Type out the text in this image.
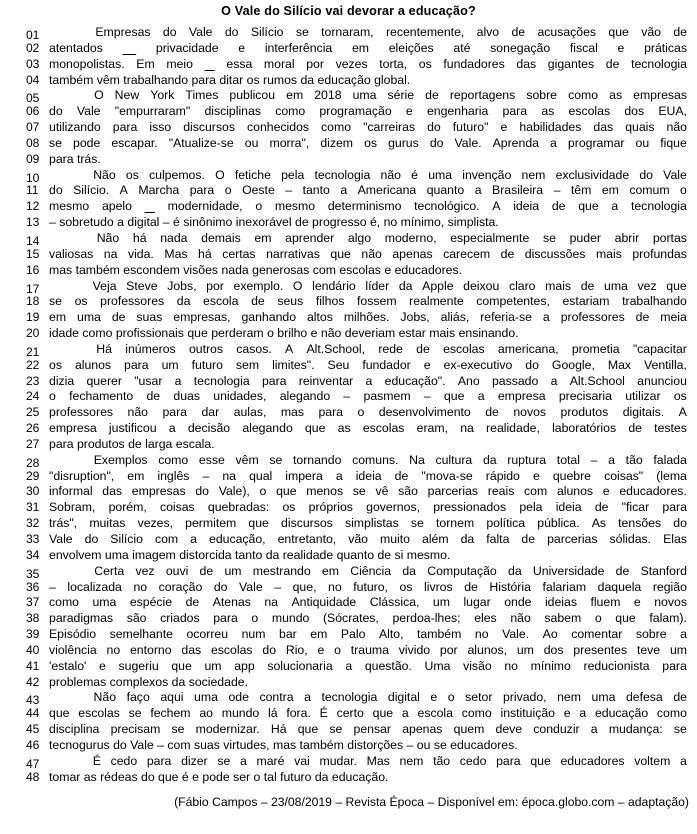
O Vale do Silício vai devorar a educação?
01	Empresas do Vale do Silício se tornaram, recentemente, alvo de acusações que vão de
02 atentados
	privacidade e interferência em eleições até sonegação fiscal e práticas
03 monopolistas. Em meio
	essa moral por vezes torta, os fundadores das gigantes de tecnologia
04 também vêm trabalhando para ditar os rumos da educação global.
05	O New York Times publicou em 2018 uma série de reportagens sobre como as empresas
06 do Vale "empurraram" disciplinas como programação e engenharia para as escolas dos EUA,
07 utilizando para isso discursos conhecidos como "carreiras do futuro" e habilidades das quais não
08 se pode escapar. "Atualize-se ou morra", dizem os gurus do Vale. Aprenda a programar ou fique
09 para trás.
10	Não os culpemos. O fetiche pela tecnologia não é uma invenção nem exclusividade do Vale
11 do Silício. A Marcha para o Oeste – tanto a Americana quanto a Brasileira – têm em comum o
12 mesmo apelo
	modernidade, o mesmo determinismo tecnológico. A ideia de que a tecnologia
13 – sobretudo a digital – é sinônimo inexorável de progresso é, no mínimo, simplista.
14	Não há nada demais em aprender algo moderno, especialmente se puder abrir portas
15 valiosas na vida. Mas há certas narrativas que não apenas carecem de discussões mais profundas
16 mas também escondem visões nada generosas com escolas e educadores.
17	Veja Steve Jobs, por exemplo. O lendário líder da Apple deixou claro mais de uma vez que
18 se os professores da escola de seus filhos fossem realmente competentes, estariam trabalhando
19 em uma de suas empresas, ganhando altos milhões. Jobs, aliás, referia-se a professores de meia
20 idade como profissionais que perderam o brilho e não deveriam estar mais ensinando.
21	Há inúmeros outros casos. A Alt.School, rede de escolas americana, prometia "capacitar
22 os alunos para um futuro sem limites". Seu fundador e ex-executivo do Google, Max Ventilla,
23 dizia querer "usar a tecnologia para reinventar a educação". Ano passado a Alt.School anunciou
24 o fechamento de duas unidades, alegando – pasmem – que a empresa precisaria utilizar os
25 professores não para dar aulas, mas para o desenvolvimento de novos produtos digitais. A
26 empresa justificou a decisão alegando que as escolas eram, na realidade, laboratórios de testes
27 para produtos de larga escala.
28	Exemplos como esse vêm se tornando comuns. Na cultura da ruptura total – a tão falada
29 "disruption", em inglês – na qual impera a ideia de "mova-se rápido e quebre coisas" (lema
30 informal das empresas do Vale), o que menos se vê são parcerias reais com alunos e educadores.
31 Sobram, porém, coisas quebradas: os próprios governos, pressionados pela ideia de "ficar para
32 trás", muitas vezes, permitem que discursos simplistas se tornem política pública. As tensões do
33 Vale do Silício com a educação, entretanto, vão muito além da falta de parcerias sólidas. Elas
34 envolvem uma imagem distorcida tanto da realidade quanto de si mesmo.
35	Certa vez ouvi de um mestrando em Ciência da Computação da Universidade de Stanford
36 – localizada no coração do Vale – que, no futuro, os livros de História falariam daquela região
37 como uma espécie de Atenas na Antiquidade Clássica, um lugar onde ideias fluem e novos
38 paradigmas são criados para o mundo (Sócrates, perdoa-lhes; eles não sabem o que falam).
39 Episódio semelhante ocorreu num bar em Palo Alto, também no Vale. Ao comentar sobre a
40 violência no entorno das escolas do Rio, e o trauma vivido por alunos, um dos presentes teve um
41 'estalo' e sugeriu que um app solucionaria a questão. Uma visão no mínimo reducionista para
42 problemas complexos da sociedade.
43	Não faço aqui uma ode contra a tecnologia digital e o setor privado, nem uma defesa de
44 que escolas se fechem ao mundo lá fora. É certo que a escola como instituição e a educação como
45 disciplina precisam se modernizar. Há que se pensar apenas quem deve conduzir a mudança: se
46 tecnogurus do Vale – com suas virtudes, mas também distorções – ou se educadores.
47	É cedo para dizer se a maré vai mudar. Mas nem tão cedo para que educadores voltem a
48 tomar as rédeas do que é e pode ser o tal futuro da educação.
(Fábio Campos – 23/08/2019 – Revista Época – Disponível em: época.globo.com – adaptação)
